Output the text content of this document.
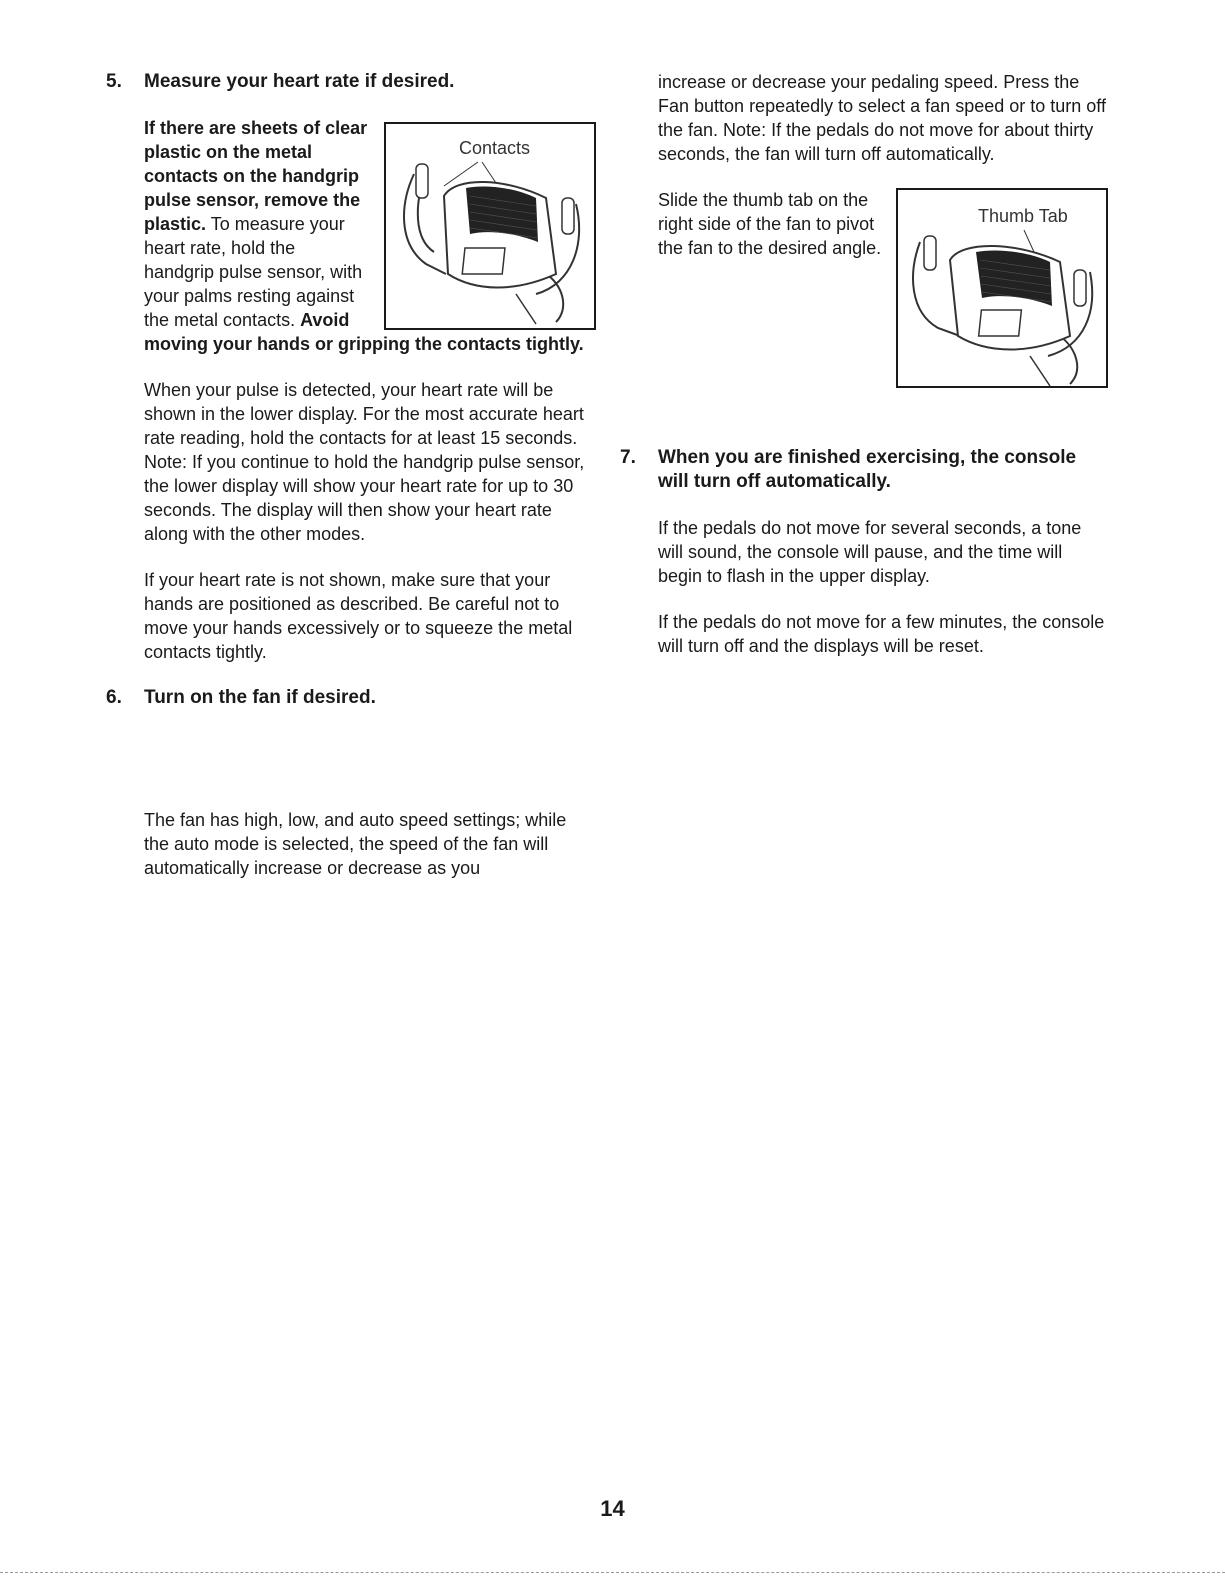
5.	Measure your heart rate if desired.
Contacts

If there are sheets of clear plastic on the metal contacts on the handgrip pulse sensor, remove the plastic. To measure your heart rate, hold the handgrip pulse sensor, with your palms resting against the metal contacts. Avoid moving your hands or gripping the contacts tightly.

When your pulse is detected, your heart rate will be shown in the lower display. For the most accurate heart rate reading, hold the contacts for at least 15 seconds. Note: If you continue to hold the handgrip pulse sensor, the lower display will show your heart rate for up to 30 seconds. The display will then show your heart rate along with the other modes.

If your heart rate is not shown, make sure that your hands are positioned as described. Be careful not to move your hands excessively or to squeeze the metal contacts tightly.

6.	Turn on the fan if desired.

The fan has high, low, and auto speed settings; while the auto mode is selected, the speed of the fan will automatically increase or decrease as you

increase or decrease your pedaling speed. Press the Fan button repeatedly to select a fan speed or to turn off the fan. Note: If the pedals do not move for about thirty seconds, the fan will turn off automatically.

Thumb Tab

Slide the thumb tab on the right side of the fan to pivot the fan to the desired angle.

7.	When you are finished exercising, the console will turn off automatically.

If the pedals do not move for several seconds, a tone will sound, the console will pause, and the time will begin to flash in the upper display.

If the pedals do not move for a few minutes, the console will turn off and the displays will be reset.

14
